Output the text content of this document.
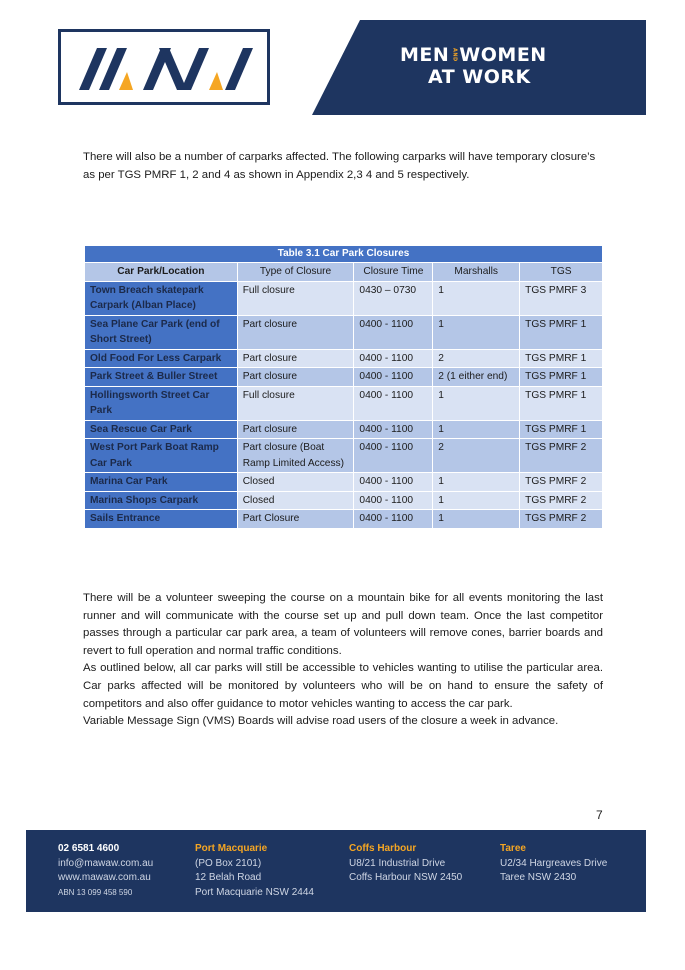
MEN AND WOMEN
AT WORK
There will also be a number of carparks affected. The following carparks will have temporary closure’s as per TGS PMRF 1, 2 and 4 as shown in Appendix 2,3 4 and 5 respectively.
Table 3.1 Car Park Closures				
Car Park/Location	Type of Closure	Closure Time	Marshalls	TGS
Town Breach skatepark Carpark (Alban Place)	Full closure	0430 – 0730	1	TGS PMRF 3
Sea Plane Car Park (end of Short Street)	Part closure	0400 - 1100	1	TGS PMRF 1
Old Food For Less Carpark	Part closure	0400 - 1100	2	TGS PMRF 1
Park Street & Buller Street	Part closure	0400 - 1100	2 (1 either end)	TGS PMRF 1
Hollingsworth Street Car Park	Full closure	0400 - 1100	1	TGS PMRF 1
Sea Rescue Car Park	Part closure	0400 - 1100	1	TGS PMRF 1
West Port Park Boat Ramp Car Park	Part closure (Boat Ramp Limited Access)	0400 - 1100	2	TGS PMRF 2
Marina Car Park	Closed	0400 - 1100	1	TGS PMRF 2
Marina Shops Carpark	Closed	0400 - 1100	1	TGS PMRF 2
Sails Entrance	Part Closure	0400 - 1100	1	TGS PMRF 2

There will be a volunteer sweeping the course on a mountain bike for all events monitoring the last runner and will communicate with the course set up and pull down team. Once the last competitor passes through a particular car park area, a team of volunteers will remove cones, barrier boards and revert to full operation and normal traffic conditions.

As outlined below, all car parks will still be accessible to vehicles wanting to utilise the particular area. Car parks affected will be monitored by volunteers who will be on hand to ensure the safety of competitors and also offer guidance to motor vehicles wanting to access the car park.

Variable Message Sign (VMS) Boards will advise road users of the closure a week in advance.

7
02 6581 4600
info@mawaw.com.au
www.mawaw.com.au
ABN 13 099 458 590
Port Macquarie
(PO Box 2101)
12 Belah Road
Port Macquarie NSW 2444
Coffs Harbour
U8/21 Industrial Drive
Coffs Harbour NSW 2450
Taree
U2/34 Hargreaves Drive
Taree NSW 2430
